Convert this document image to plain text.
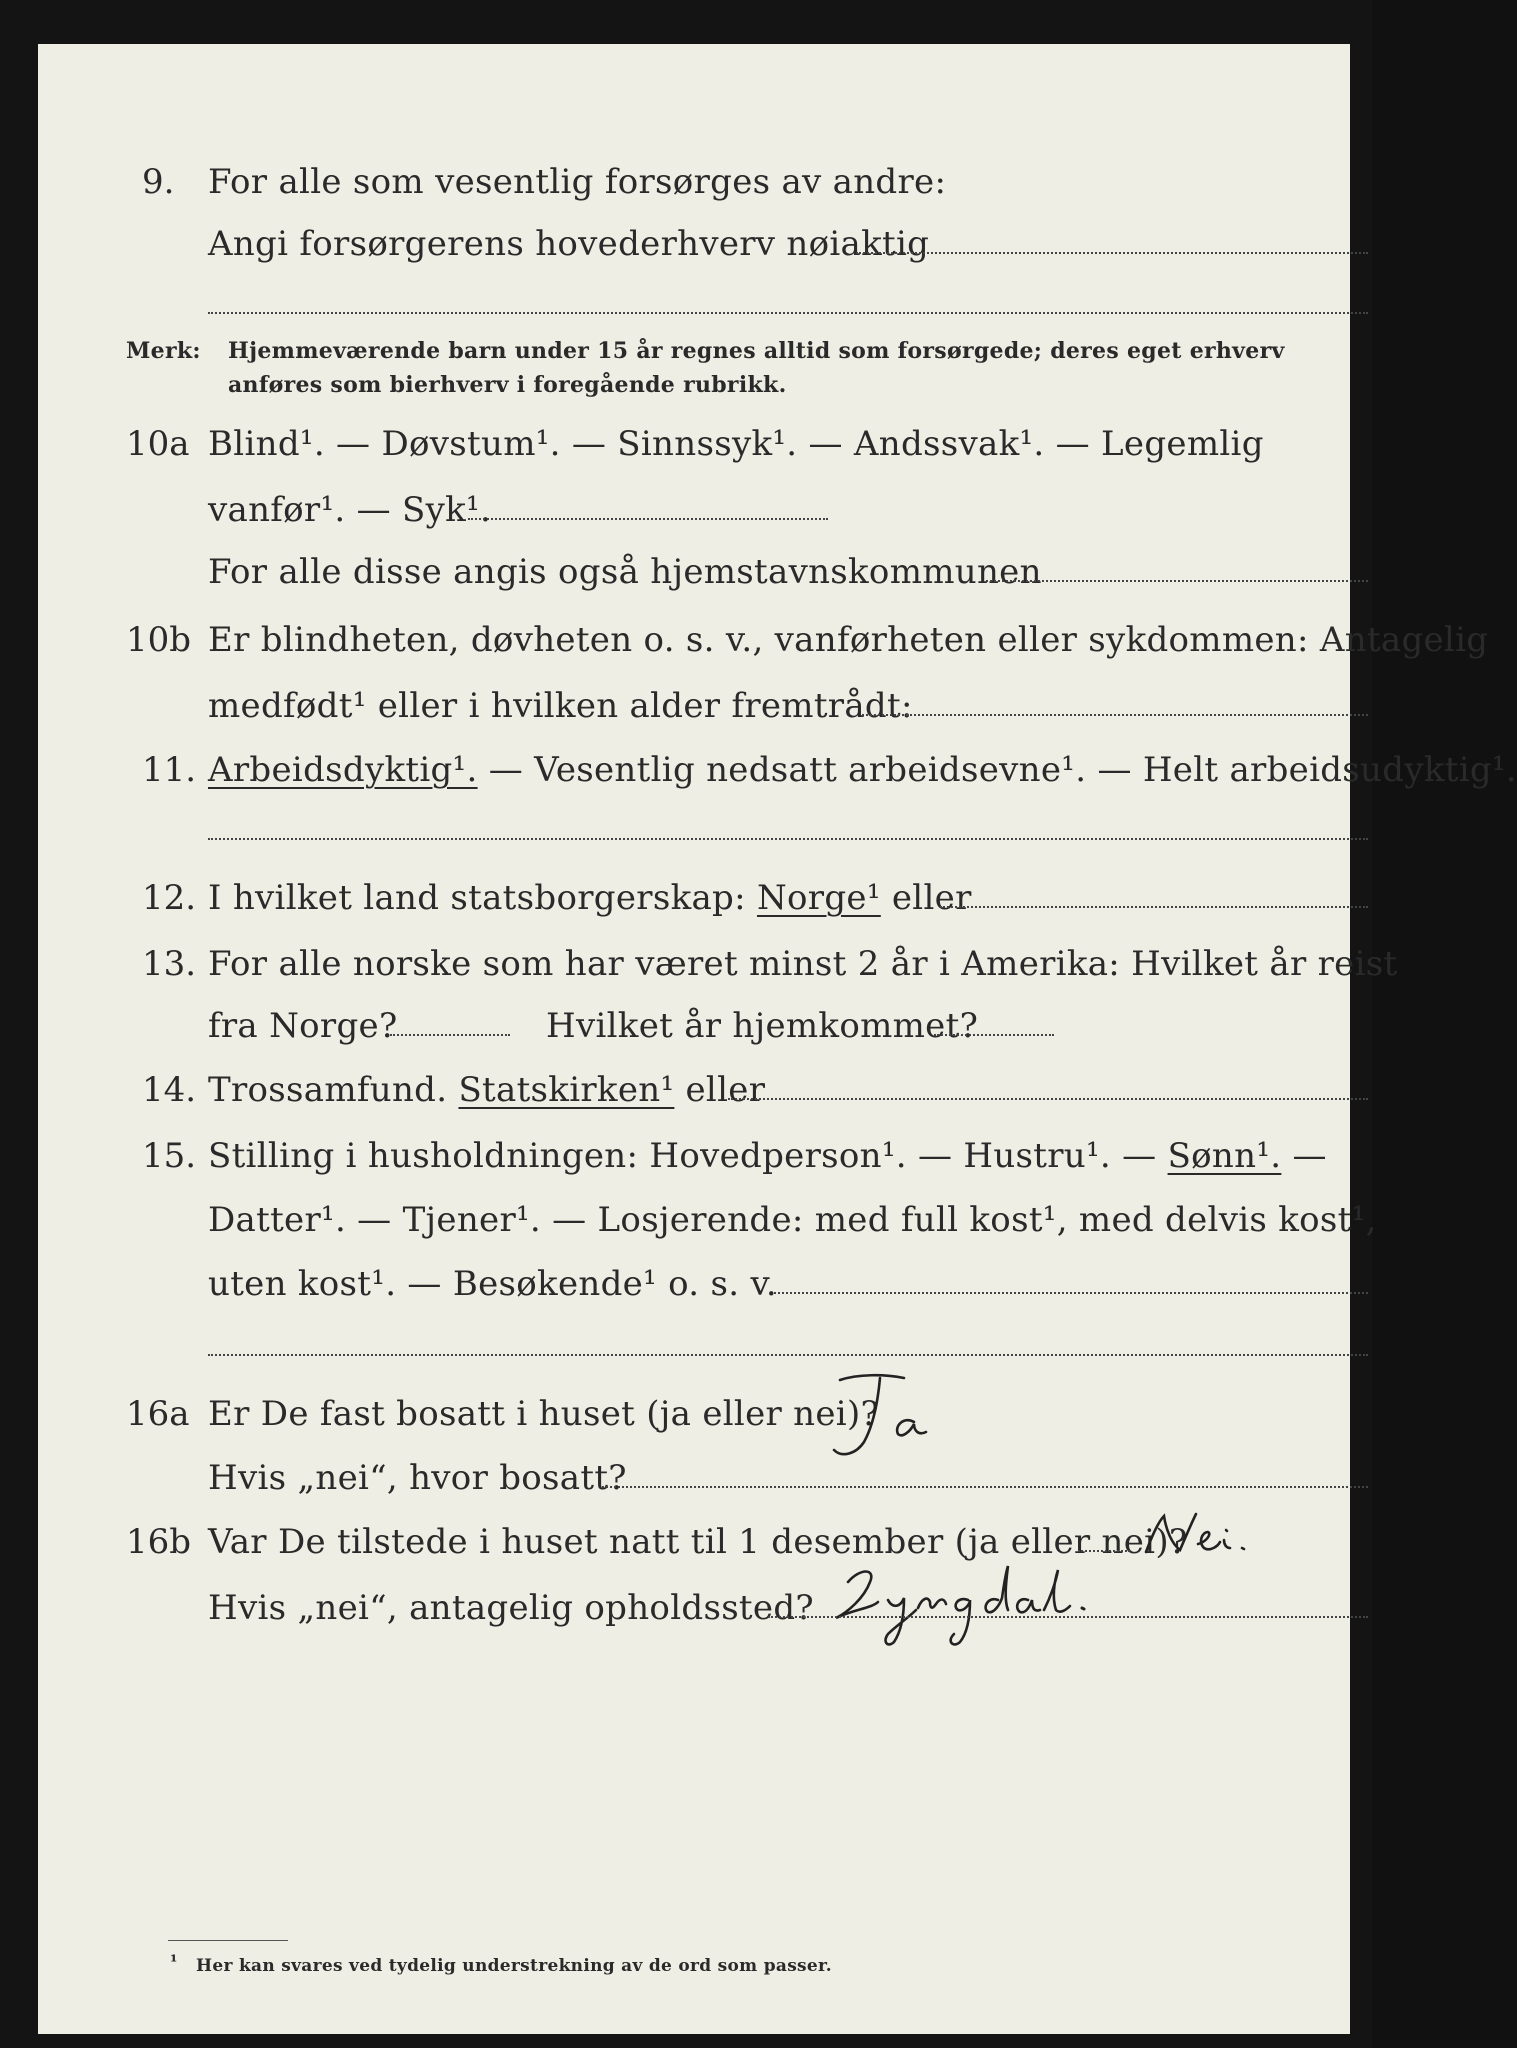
9. For alle som vesentlig forsørges av andre:
Angi forsørgerens hovederhverv nøiaktig
Merk: Hjemmeværende barn under 15 år regnes alltid som forsørgede; deres eget erhverv
anføres som bierhverv i foregående rubrikk.
10a Blind¹. — Døvstum¹. — Sinnssyk¹. — Andssvak¹. — Legemlig
vanfør¹. — Syk¹.
For alle disse angis også hjemstavnskommunen
10b Er blindheten, døvheten o. s. v., vanførheten eller sykdommen: Antagelig
medfødt¹ eller i hvilken alder fremtrådt:
11. Arbeidsdyktig¹. — Vesentlig nedsatt arbeidsevne¹. — Helt arbeidsudyktig¹.
12. I hvilket land statsborgerskap: Norge¹ eller
13. For alle norske som har været minst 2 år i Amerika: Hvilket år reist
fra Norge?	Hvilket år hjemkommet?
14. Trossamfund. Statskirken¹ eller
15. Stilling i husholdningen: Hovedperson¹. — Hustru¹. — Sønn¹. —
Datter¹. — Tjener¹. — Losjerende: med full kost¹, med delvis kost¹,
uten kost¹. — Besøkende¹ o. s. v.
16a Er De fast bosatt i huset (ja eller nei)?
Hvis „nei“, hvor bosatt?
16b Var De tilstede i huset natt til 1 desember (ja eller nei)?
Hvis „nei“, antagelig opholdssted?
¹ Her kan svares ved tydelig understrekning av de ord som passer.
